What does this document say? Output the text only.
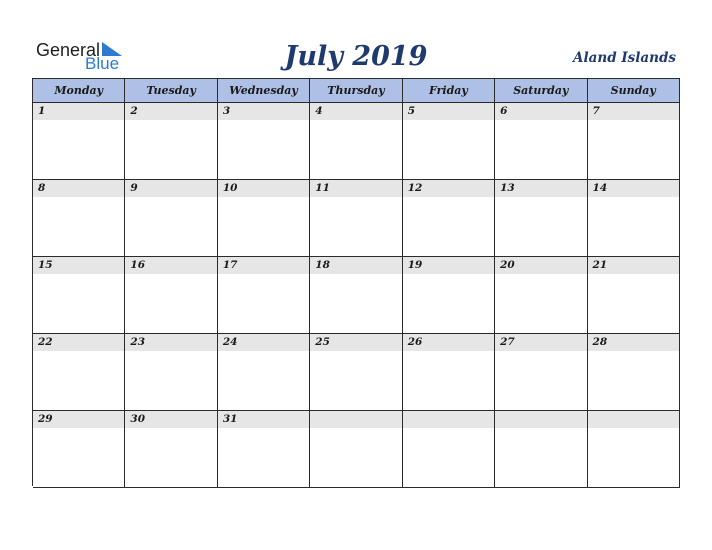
General
Blue	July 2019	Aland Islands
Monday	Tuesday	Wednesday	Thursday	Friday	Saturday	Sunday
1	2	3	4	5	6	7
8	9	10	11	12	13	14
15	16	17	18	19	20	21
22	23	24	25	26	27	28
29	30	31
